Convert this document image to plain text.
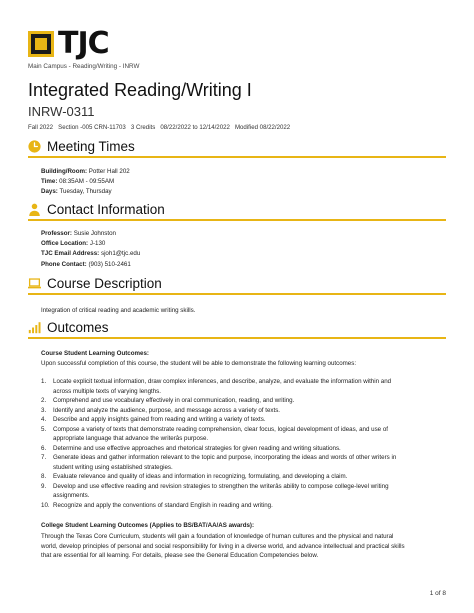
TJC
Main Campus - Reading/Writing - INRW
Integrated Reading/Writing I
INRW-0311
Fall 2022 Section -005 CRN-11703 3 Credits 08/22/2022 to 12/14/2022 Modified 08/22/2022
Meeting Times
Building/Room: Potter Hall 202
Time: 08:35AM - 09:55AM
Days: Tuesday, Thursday
Contact Information
Professor: Susie Johnston
Office Location: J-130
TJC Email Address: sjoh1@tjc.edu
Phone Contact: (903) 510-2461
Course Description
Integration of critical reading and academic writing skills.
Outcomes
Course Student Learning Outcomes:
Upon successful completion of this course, the student will be able to demonstrate the following learning outcomes:
1.	Locate explicit textual information, draw complex inferences, and describe, analyze, and evaluate the information within and
across multiple texts of varying lengths.
2.	Comprehend and use vocabulary effectively in oral communication, reading, and writing.
3.	Identify and analyze the audience, purpose, and message across a variety of texts.
4.	Describe and apply insights gained from reading and writing a variety of texts.
5.	Compose a variety of texts that demonstrate reading comprehension, clear focus, logical development of ideas, and use of
appropriate language that advance the writerâs purpose.
6.	Determine and use effective approaches and rhetorical strategies for given reading and writing situations.
7.	Generate ideas and gather information relevant to the topic and purpose, incorporating the ideas and words of other writers in
student writing using established strategies.
8.	Evaluate relevance and quality of ideas and information in recognizing, formulating, and developing a claim.
9.	Develop and use effective reading and revision strategies to strengthen the writerâs ability to compose college-level writing
assignments.
10. Recognize and apply the conventions of standard English in reading and writing.
College Student Learning Outcomes (Applies to BS/BAT/AA/AS awards):
Through the Texas Core Curriculum, students will gain a foundation of knowledge of human cultures and the physical and natural
world, develop principles of personal and social responsibility for living in a diverse world, and advance intellectual and practical skills
that are essential for all learning. For details, please see the General Education Competencies below.
1 of 8
